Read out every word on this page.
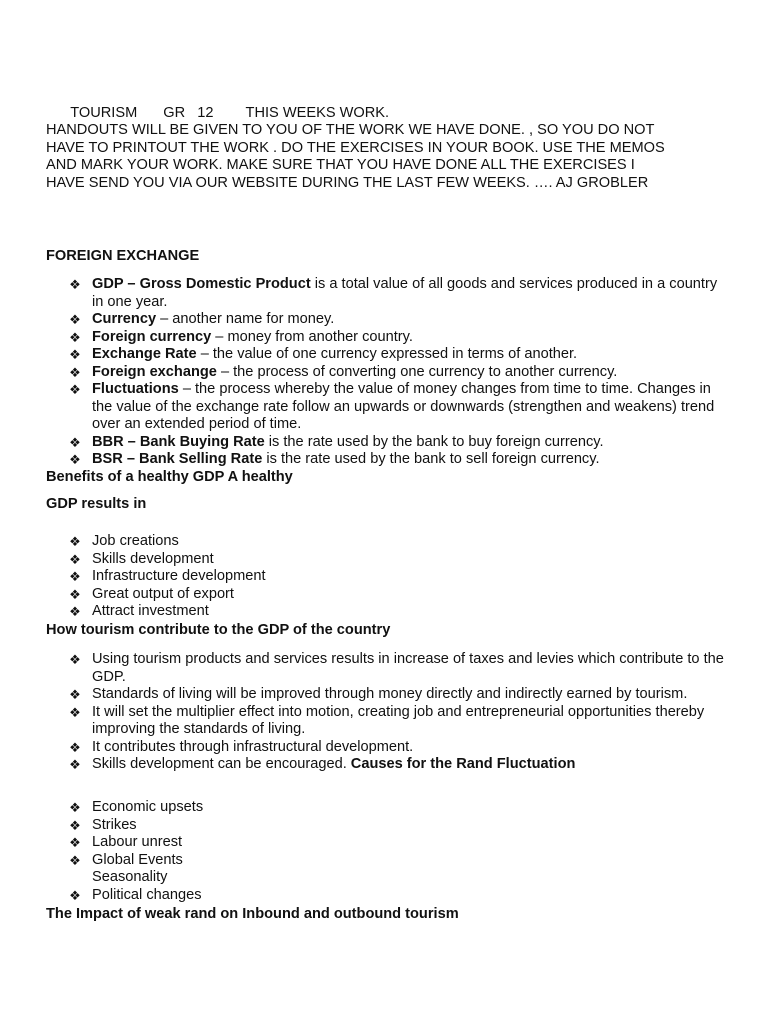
TOURISM GR   12 THIS WEEKS WORK.

HANDOUTS WILL BE GIVEN TO YOU OF THE WORK WE HAVE DONE. , SO YOU DO NOT
HAVE TO PRINTOUT THE WORK . DO THE EXERCISES IN YOUR BOOK. USE THE MEMOS
AND MARK YOUR WORK. MAKE SURE THAT YOU HAVE DONE ALL THE EXERCISES I
HAVE SEND YOU VIA OUR WEBSITE DURING THE LAST FEW WEEKS. …. AJ GROBLER
FOREIGN EXCHANGE
❖ GDP – Gross Domestic Product is a total value of all goods and services produced in a country in one year.
❖ Currency – another name for money.
❖ Foreign currency – money from another country.
❖ Exchange Rate – the value of one currency expressed in terms of another.
❖ Foreign exchange – the process of converting one currency to another currency.
❖ Fluctuations – the process whereby the value of money changes from time to time. Changes in the value of the exchange rate follow an upwards or downwards (strengthen and weakens) trend over an extended period of time.
❖ BBR – Bank Buying Rate is the rate used by the bank to buy foreign currency.
❖ BSR – Bank Selling Rate is the rate used by the bank to sell foreign currency.
Benefits of a healthy GDP A healthy
GDP results in
❖ Job creations
❖ Skills development
❖ Infrastructure development
❖ Great output of export
❖ Attract investment
How tourism contribute to the GDP of the country
❖ Using tourism products and services results in increase of taxes and levies which contribute to the GDP.
❖ Standards of living will be improved through money directly and indirectly earned by tourism.
❖ It will set the multiplier effect into motion, creating job and entrepreneurial opportunities thereby improving the standards of living.
❖ It contributes through infrastructural development.
❖ Skills development can be encouraged. Causes for the Rand Fluctuation
❖ Economic upsets
❖ Strikes
❖ Labour unrest
❖ Global Events
Seasonality
❖ Political changes
The Impact of weak rand on Inbound and outbound tourism
